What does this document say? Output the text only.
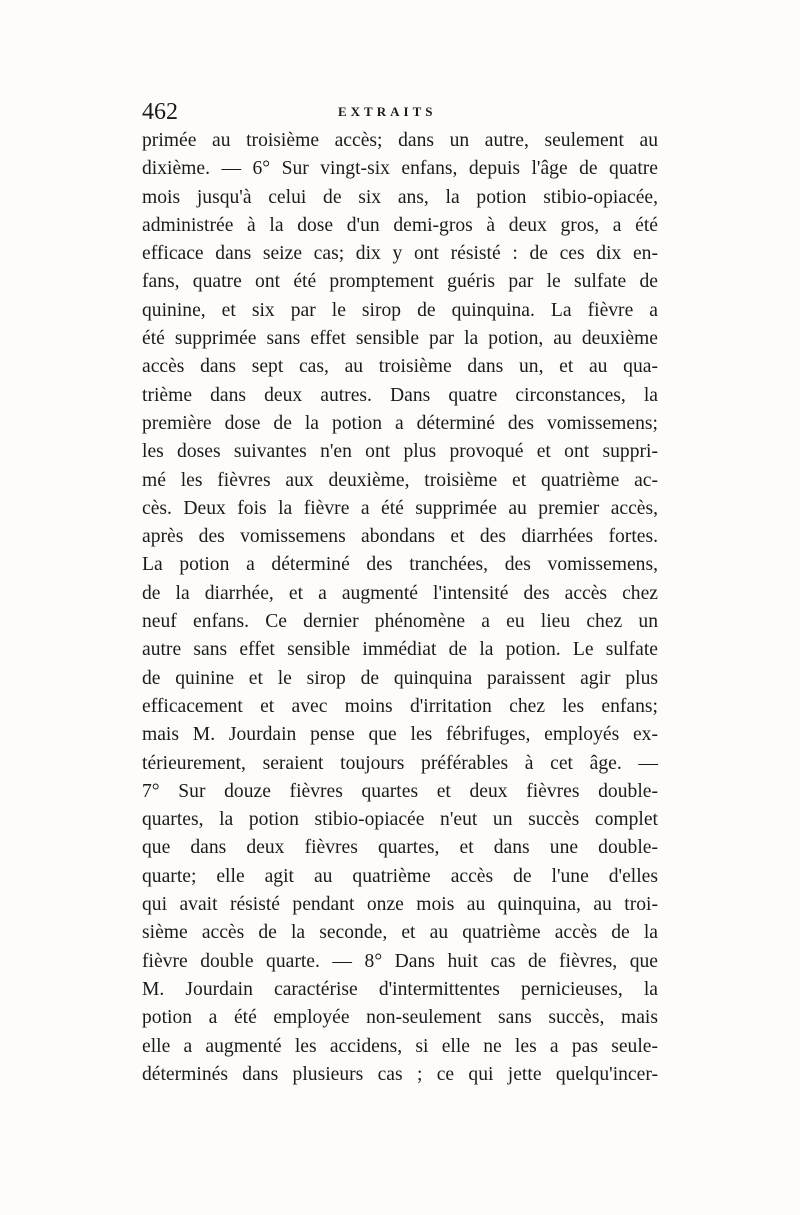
462	EXTRAITS
primée au troisième accès; dans un autre, seulement au
dixième. — 6° Sur vingt-six enfans, depuis l'âge de quatre
mois jusqu'à celui de six ans, la potion stibio-opiacée,
administrée à la dose d'un demi-gros à deux gros, a été
efficace dans seize cas; dix y ont résisté : de ces dix en-
fans, quatre ont été promptement guéris par le sulfate de
quinine, et six par le sirop de quinquina. La fièvre a
été supprimée sans effet sensible par la potion, au deuxième
accès dans sept cas, au troisième dans un, et au qua-
trième dans deux autres. Dans quatre circonstances, la
première dose de la potion a déterminé des vomissemens;
les doses suivantes n'en ont plus provoqué et ont suppri-
mé les fièvres aux deuxième, troisième et quatrième ac-
cès. Deux fois la fièvre a été supprimée au premier accès,
après des vomissemens abondans et des diarrhées fortes.
La potion a déterminé des tranchées, des vomissemens,
de la diarrhée, et a augmenté l'intensité des accès chez
neuf enfans. Ce dernier phénomène a eu lieu chez un
autre sans effet sensible immédiat de la potion. Le sulfate
de quinine et le sirop de quinquina paraissent agir plus
efficacement et avec moins d'irritation chez les enfans;
mais M. Jourdain pense que les fébrifuges, employés ex-
térieurement, seraient toujours préférables à cet âge. —
7° Sur douze fièvres quartes et deux fièvres double-
quartes, la potion stibio-opiacée n'eut un succès complet
que dans deux fièvres quartes, et dans une double-
quarte; elle agit au quatrième accès de l'une d'elles
qui avait résisté pendant onze mois au quinquina, au troi-
sième accès de la seconde, et au quatrième accès de la
fièvre double quarte. — 8° Dans huit cas de fièvres, que
M. Jourdain caractérise d'intermittentes pernicieuses, la
potion a été employée non-seulement sans succès, mais
elle a augmenté les accidens, si elle ne les a pas seule-
déterminés dans plusieurs cas ; ce qui jette quelqu'incer-
